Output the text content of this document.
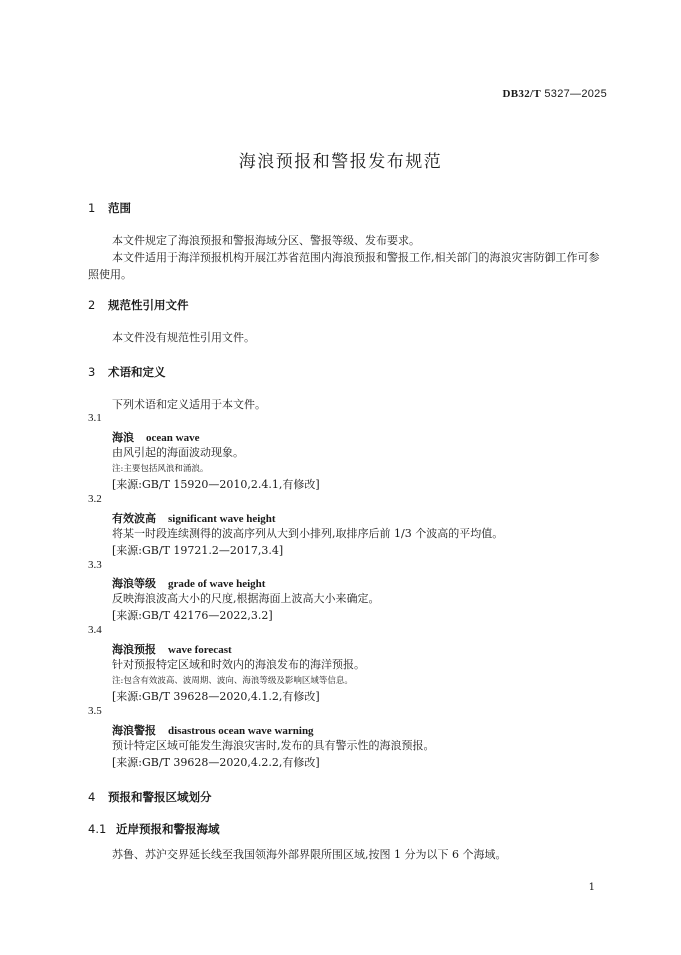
DB32/T 5327—2025
海浪预报和警报发布规范
1 范围
本文件规定了海浪预报和警报海域分区、警报等级、发布要求。
本文件适用于海洋预报机构开展江苏省范围内海浪预报和警报工作,相关部门的海浪灾害防御工作可参照使用。
2 规范性引用文件
本文件没有规范性引用文件。
3 术语和定义
下列术语和定义适用于本文件。
3.1
海浪 ocean wave
由风引起的海面波动现象。
注:主要包括风浪和涌浪。
[来源:GB/T 15920—2010,2.4.1,有修改]
3.2
有效波高 significant wave height
将某一时段连续测得的波高序列从大到小排列,取排序后前 1/3 个波高的平均值。
[来源:GB/T 19721.2—2017,3.4]
3.3
海浪等级 grade of wave height
反映海浪波高大小的尺度,根据海面上波高大小来确定。
[来源:GB/T 42176—2022,3.2]
3.4
海浪预报 wave forecast
针对预报特定区域和时效内的海浪发布的海洋预报。
注:包含有效波高、波周期、波向、海浪等级及影响区域等信息。
[来源:GB/T 39628—2020,4.1.2,有修改]
3.5
海浪警报 disastrous ocean wave warning
预计特定区域可能发生海浪灾害时,发布的具有警示性的海浪预报。
[来源:GB/T 39628—2020,4.2.2,有修改]
4 预报和警报区域划分
4.1 近岸预报和警报海域
苏鲁、苏沪交界延长线至我国领海外部界限所围区域,按图 1 分为以下 6 个海域。
1
